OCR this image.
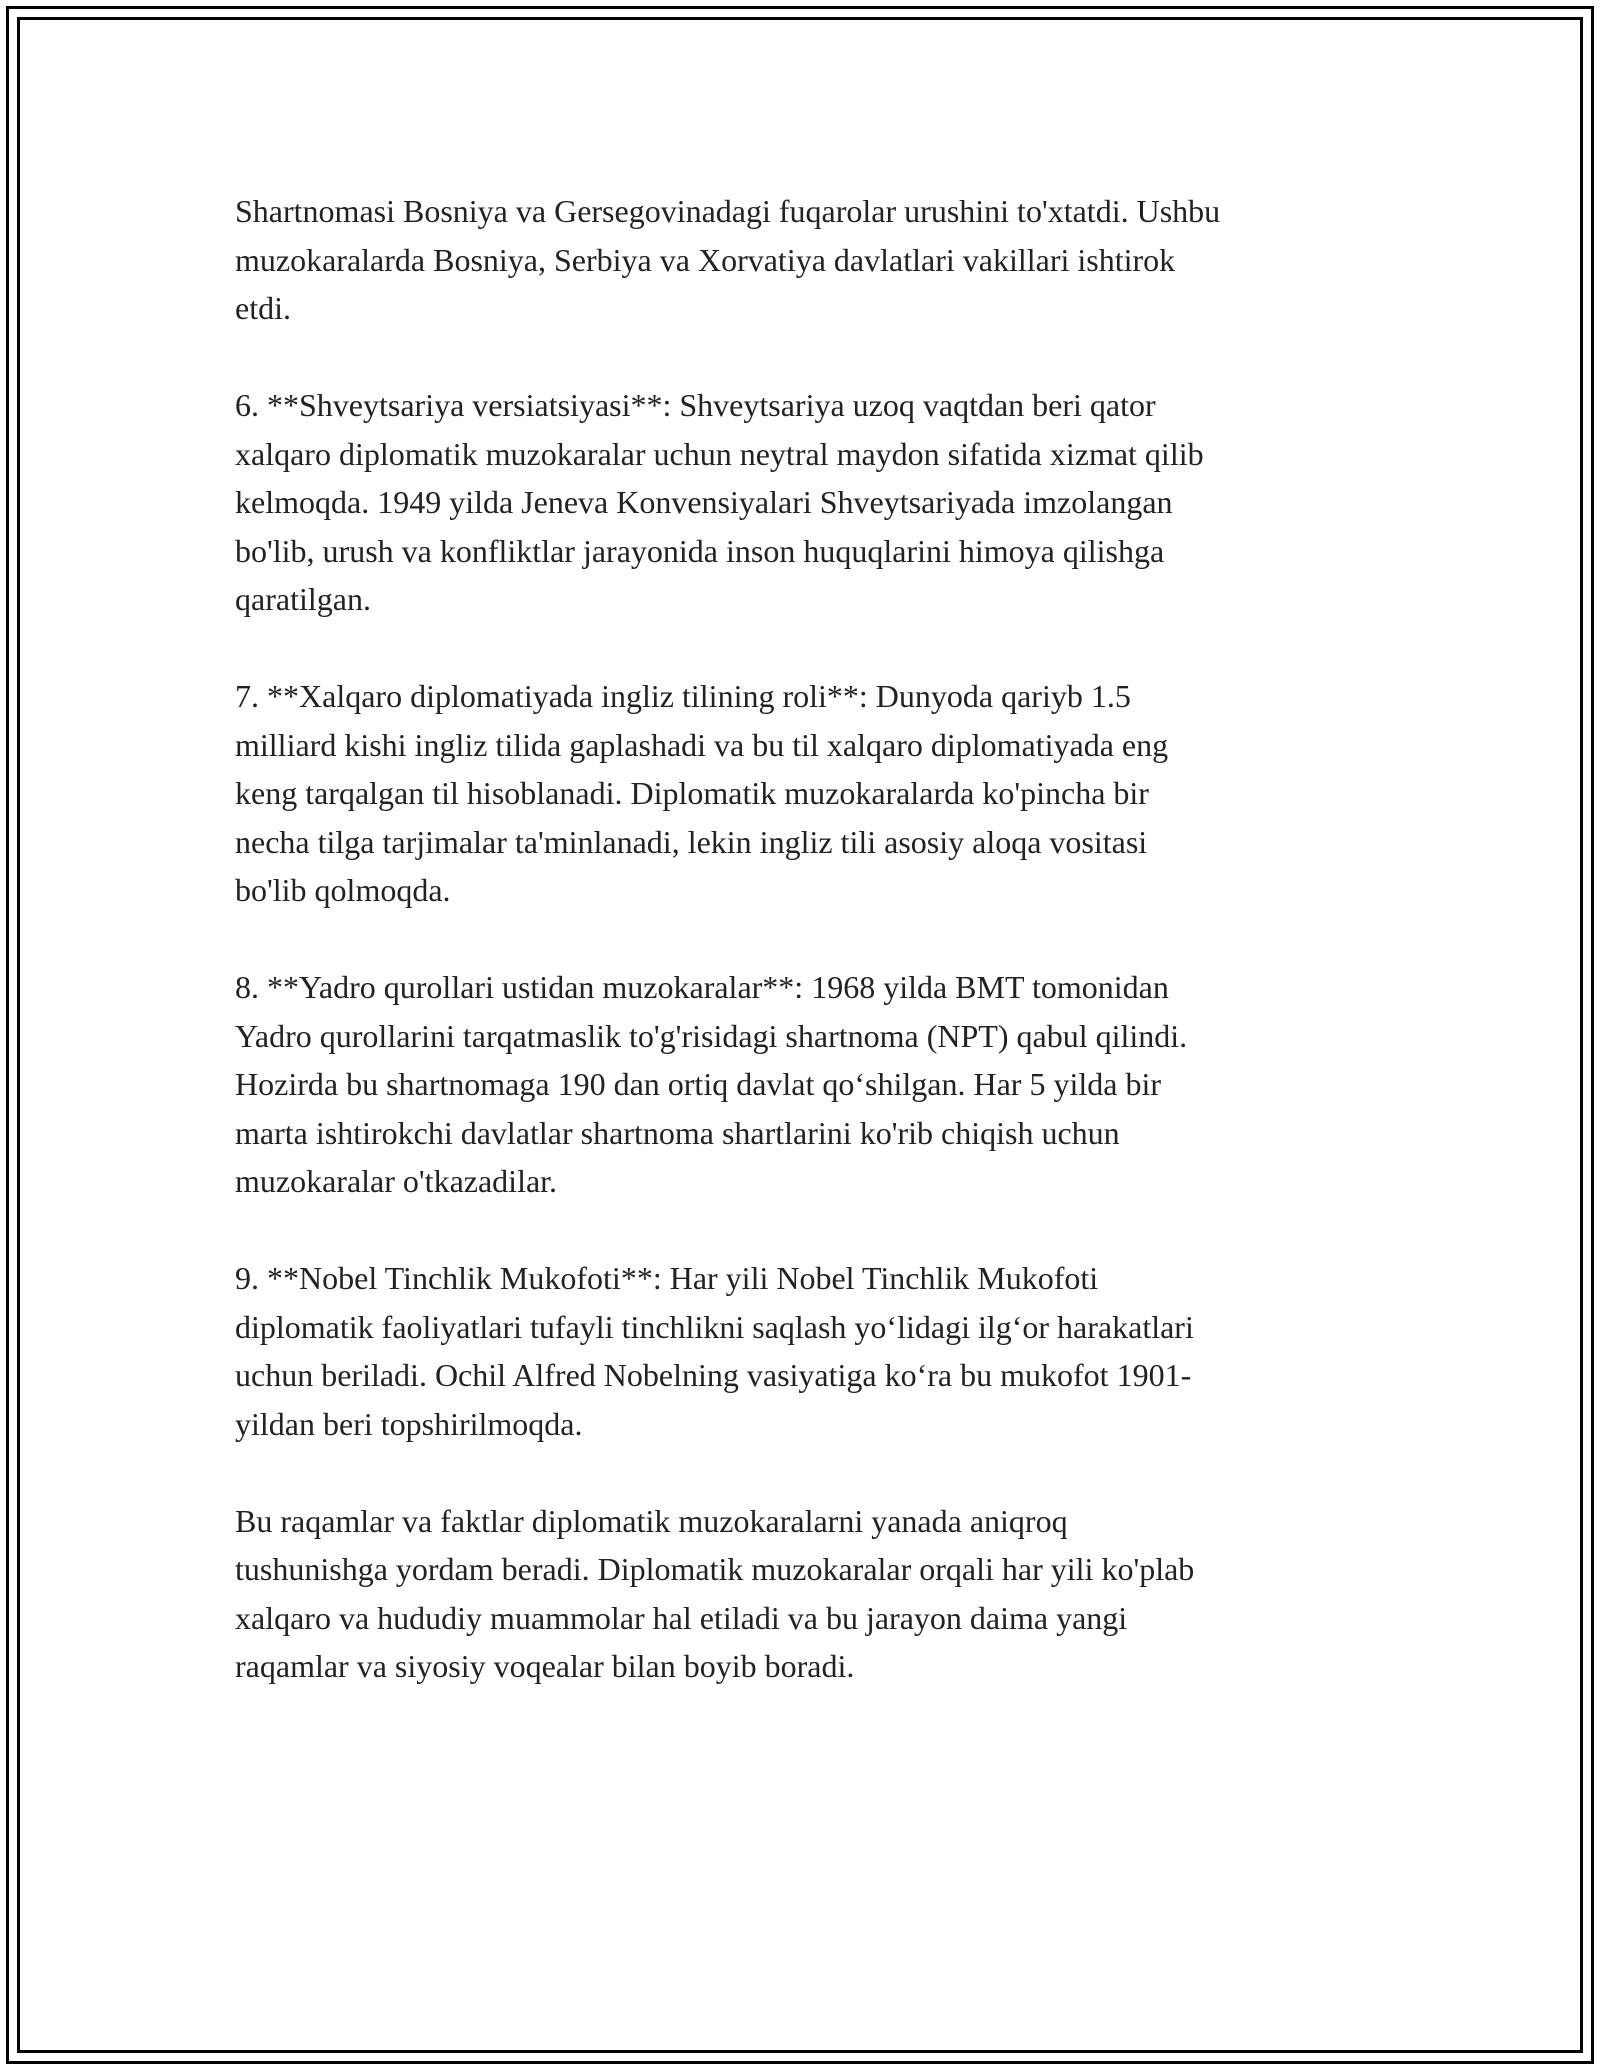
Shartnomasi Bosniya va Gersegovinadagi fuqarolar urushini to'xtatdi. Ushbu
muzokaralarda Bosniya, Serbiya va Xorvatiya davlatlari vakillari ishtirok
etdi.

6. **Shveytsariya versiatsiyasi**: Shveytsariya uzoq vaqtdan beri qator
xalqaro diplomatik muzokaralar uchun neytral maydon sifatida xizmat qilib
kelmoqda. 1949 yilda Jeneva Konvensiyalari Shveytsariyada imzolangan
bo'lib, urush va konfliktlar jarayonida inson huquqlarini himoya qilishga
qaratilgan.

7. **Xalqaro diplomatiyada ingliz tilining roli**: Dunyoda qariyb 1.5
milliard kishi ingliz tilida gaplashadi va bu til xalqaro diplomatiyada eng
keng tarqalgan til hisoblanadi. Diplomatik muzokaralarda ko'pincha bir
necha tilga tarjimalar ta'minlanadi, lekin ingliz tili asosiy aloqa vositasi
bo'lib qolmoqda.

8. **Yadro qurollari ustidan muzokaralar**: 1968 yilda BMT tomonidan
Yadro qurollarini tarqatmaslik to'g'risidagi shartnoma (NPT) qabul qilindi.
Hozirda bu shartnomaga 190 dan ortiq davlat qo‘shilgan. Har 5 yilda bir
marta ishtirokchi davlatlar shartnoma shartlarini ko'rib chiqish uchun
muzokaralar o'tkazadilar.

9. **Nobel Tinchlik Mukofoti**: Har yili Nobel Tinchlik Mukofoti
diplomatik faoliyatlari tufayli tinchlikni saqlash yo‘lidagi ilg‘or harakatlari
uchun beriladi. Ochil Alfred Nobelning vasiyatiga ko‘ra bu mukofot 1901-
yildan beri topshirilmoqda.

Bu raqamlar va faktlar diplomatik muzokaralarni yanada aniqroq
tushunishga yordam beradi. Diplomatik muzokaralar orqali har yili ko'plab
xalqaro va hududiy muammolar hal etiladi va bu jarayon daima yangi
raqamlar va siyosiy voqealar bilan boyib boradi.
